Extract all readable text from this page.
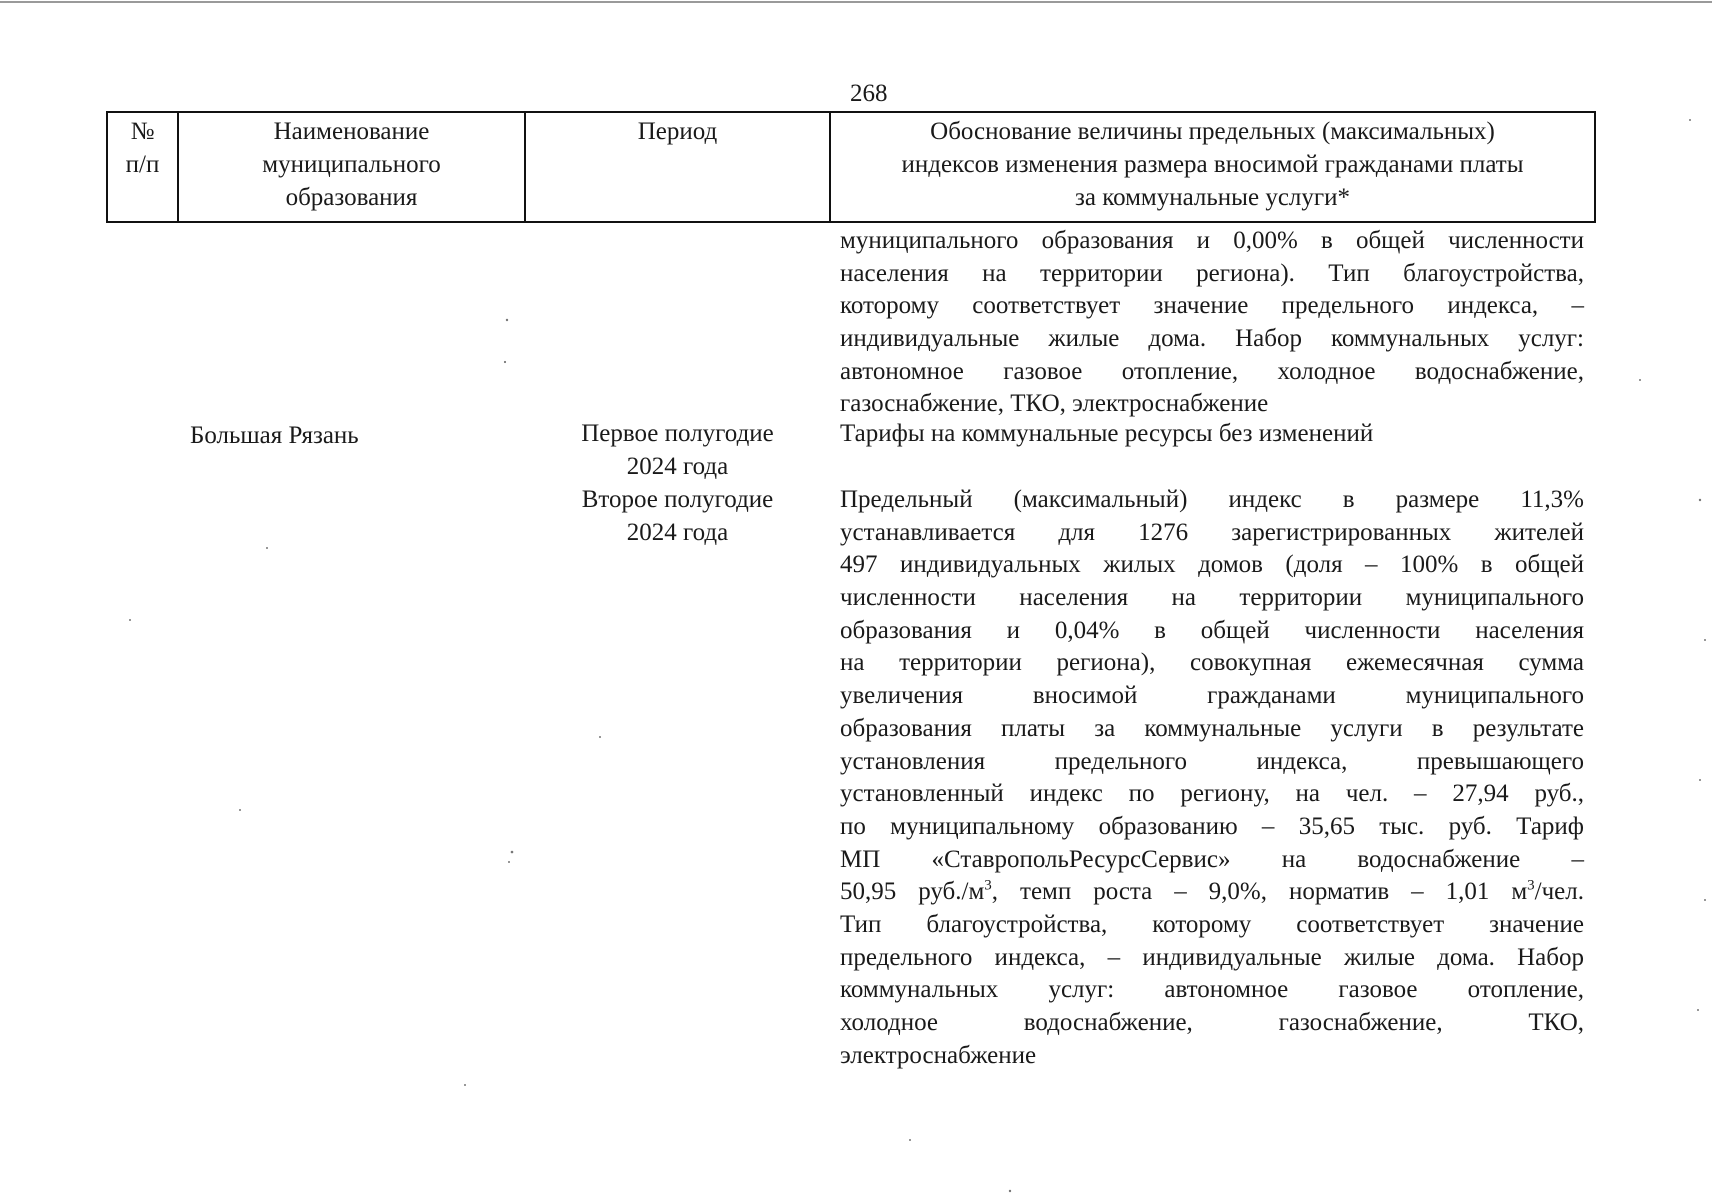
268
№
п/п
Наименование
муниципального
образования
Период	Обоснование величины предельных (максимальных)
индексов изменения размера вносимой гражданами платы
за коммунальные услуги*
муниципального образования и 0,00% в общей численности
населения на территории региона). Тип благоустройства,
которому соответствует значение предельного индекса, –
индивидуальные жилые дома. Набор коммунальных услуг:
автономное газовое отопление, холодное водоснабжение,
газоснабжение, ТКО, электроснабжение
Большая Рязань	Первое полугодие
2024 года
Тарифы на коммунальные ресурсы без изменений
Второе полугодие
2024 года
Предельный (максимальный) индекс в размере 11,3%
устанавливается для 1276 зарегистрированных жителей
497 индивидуальных жилых домов (доля – 100% в общей
численности населения на территории муниципального
образования и 0,04% в общей численности населения
на территории региона), совокупная ежемесячная сумма
увеличения вносимой гражданами муниципального
образования платы за коммунальные услуги в результате
установления предельного индекса, превышающего
установленный индекс по региону, на чел. – 27,94 руб.,
по муниципальному образованию – 35,65 тыс. руб. Тариф
МП «СтавропольРесурсСервис» на водоснабжение –
50,95 $руб./м^3$, темп роста – 9,0%, норматив – 1,01 $м^3$/чел.
Тип благоустройства, которому соответствует значение
предельного индекса, – индивидуальные жилые дома. Набор
коммунальных услуг: автономное газовое отопление,
холодное водоснабжение, газоснабжение, ТКО,
электроснабжение
